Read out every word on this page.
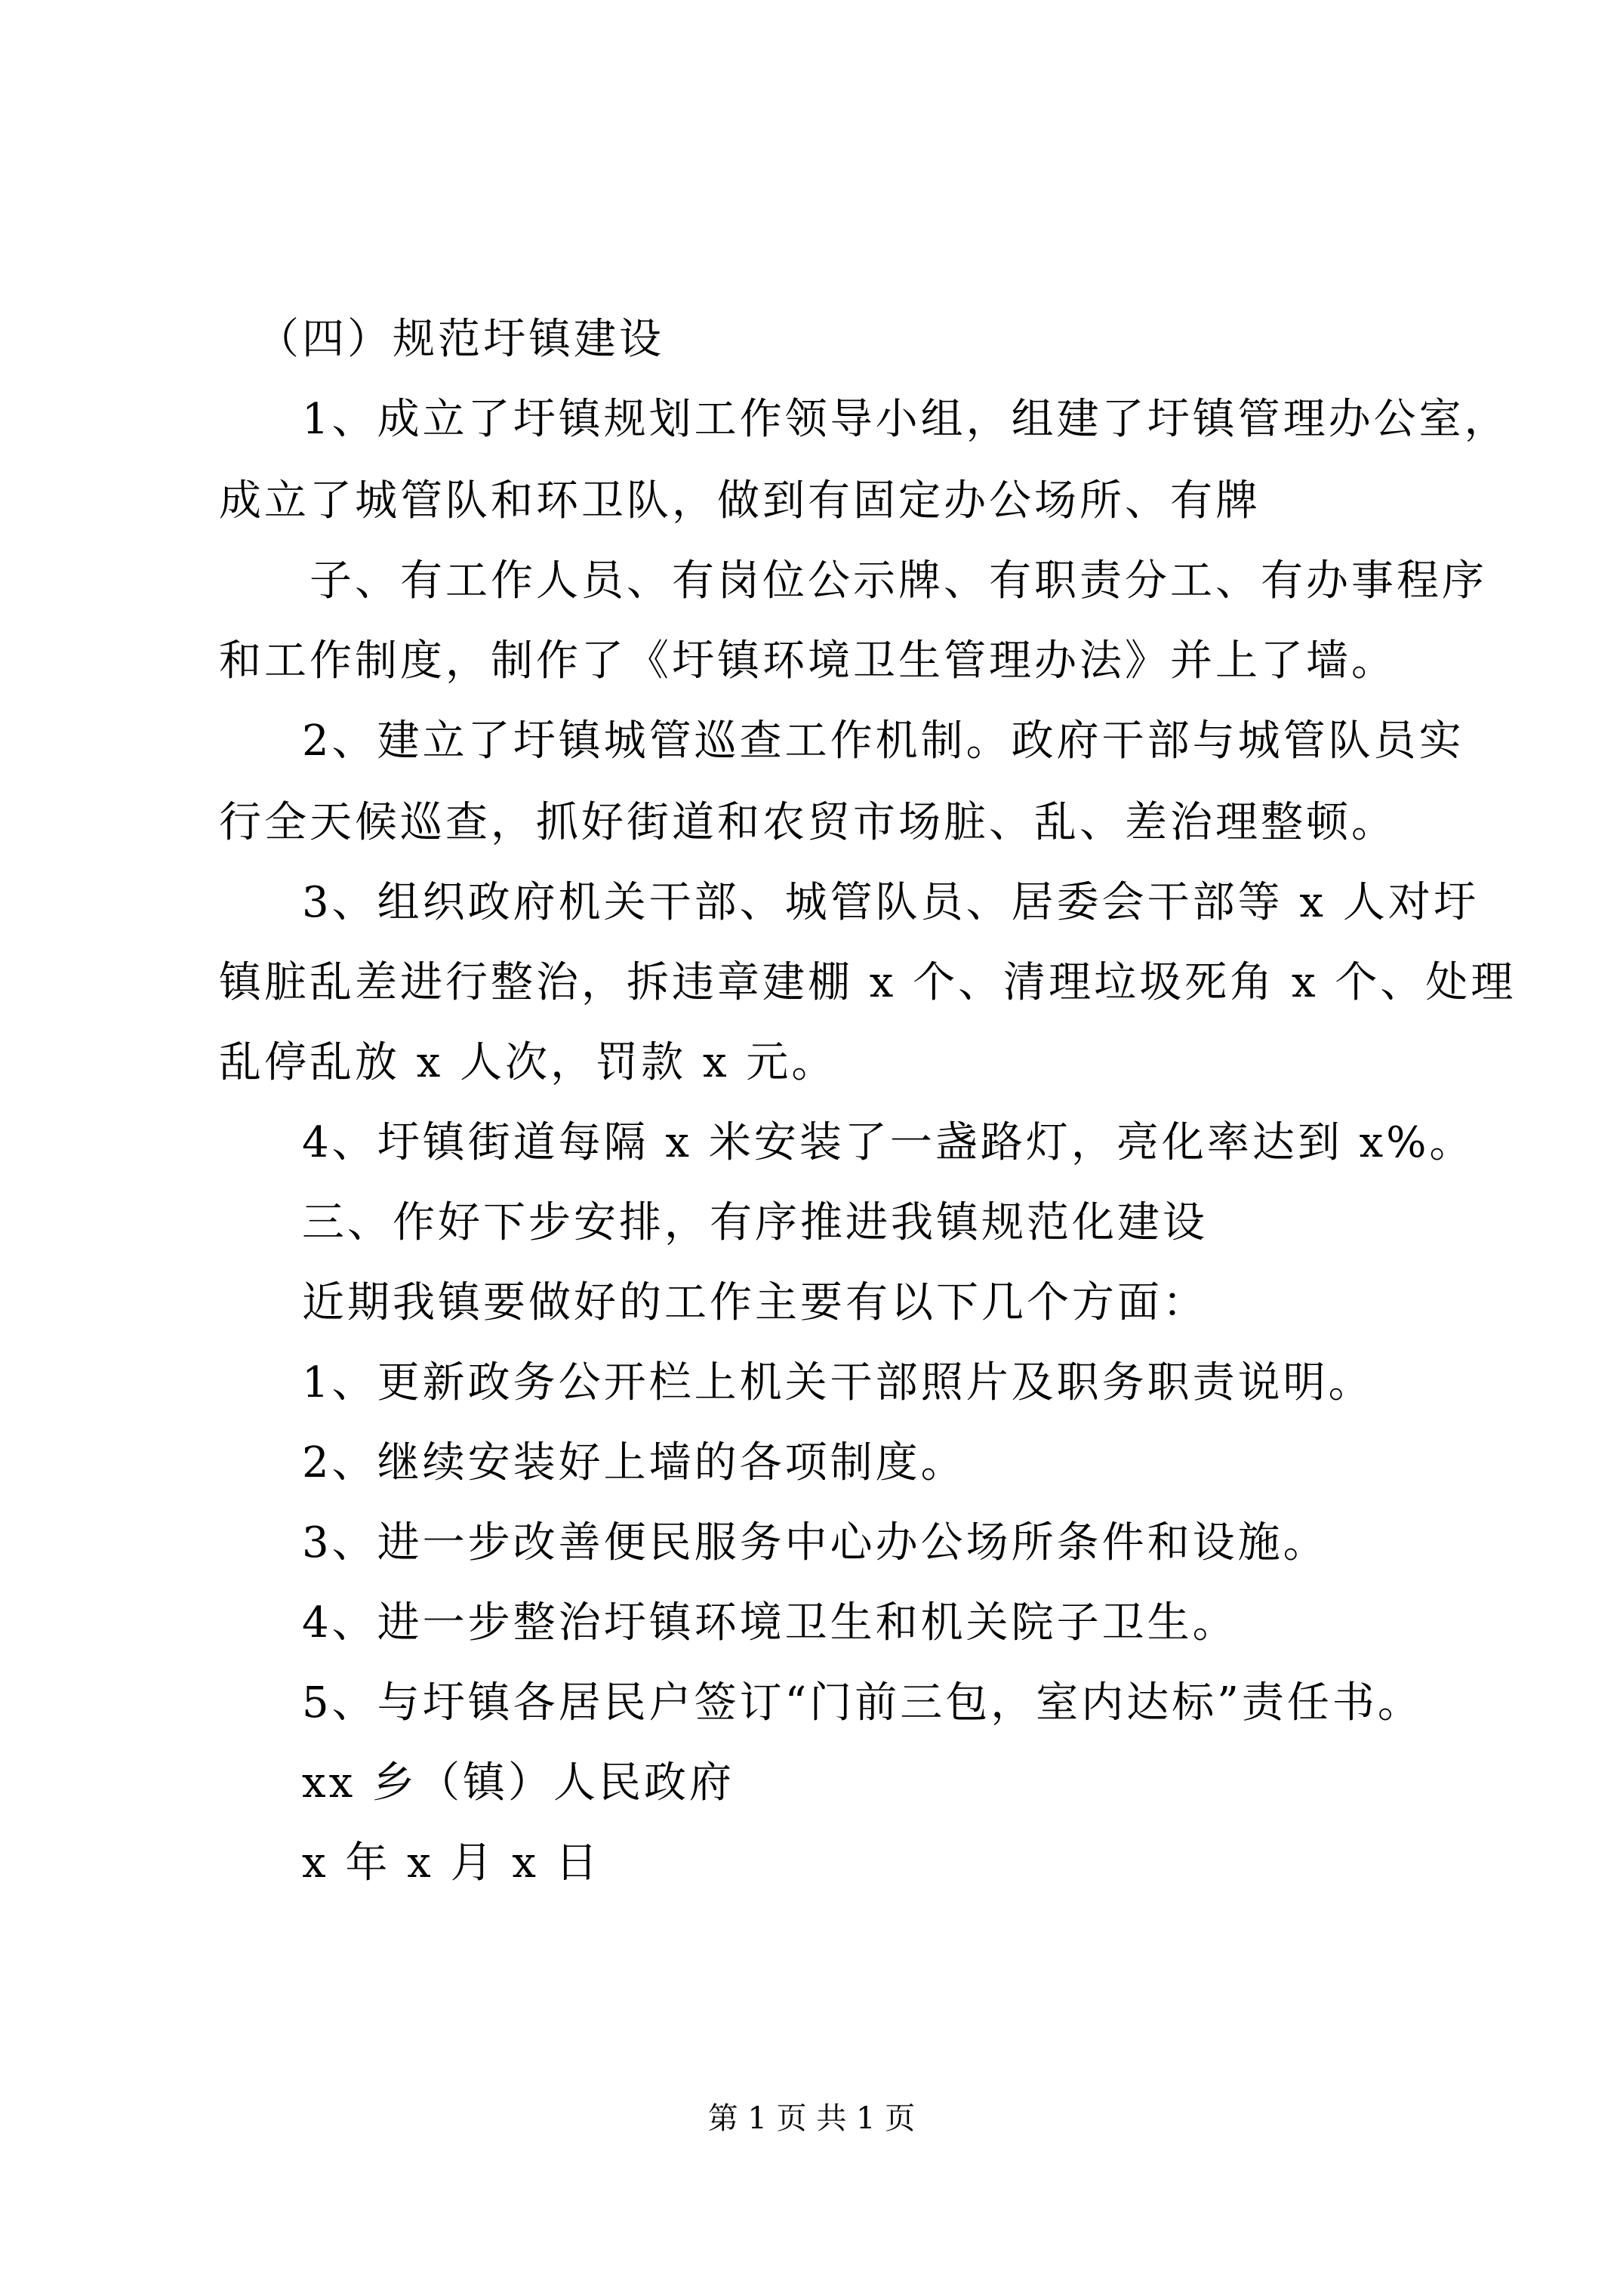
（四）规范圩镇建设
1、成立了圩镇规划工作领导小组，组建了圩镇管理办公室，
成立了城管队和环卫队，做到有固定办公场所、有牌
子、有工作人员、有岗位公示牌、有职责分工、有办事程序
和工作制度，制作了《圩镇环境卫生管理办法》并上了墙。
2、建立了圩镇城管巡查工作机制。政府干部与城管队员实
行全天候巡查，抓好街道和农贸市场脏、乱、差治理整顿。
3、组织政府机关干部、城管队员、居委会干部等 x 人对圩
镇脏乱差进行整治，拆违章建棚 x 个、清理垃圾死角 x 个、处理
乱停乱放 x 人次，罚款 x 元。
4、圩镇街道每隔 x 米安装了一盏路灯，亮化率达到 x%。
三、作好下步安排，有序推进我镇规范化建设
近期我镇要做好的工作主要有以下几个方面：
1、更新政务公开栏上机关干部照片及职务职责说明。
2、继续安装好上墙的各项制度。
3、进一步改善便民服务中心办公场所条件和设施。
4、进一步整治圩镇环境卫生和机关院子卫生。
5、与圩镇各居民户签订“门前三包，室内达标”责任书。
xx 乡（镇）人民政府
x 年 x 月 x 日
第 1 页 共 1 页
